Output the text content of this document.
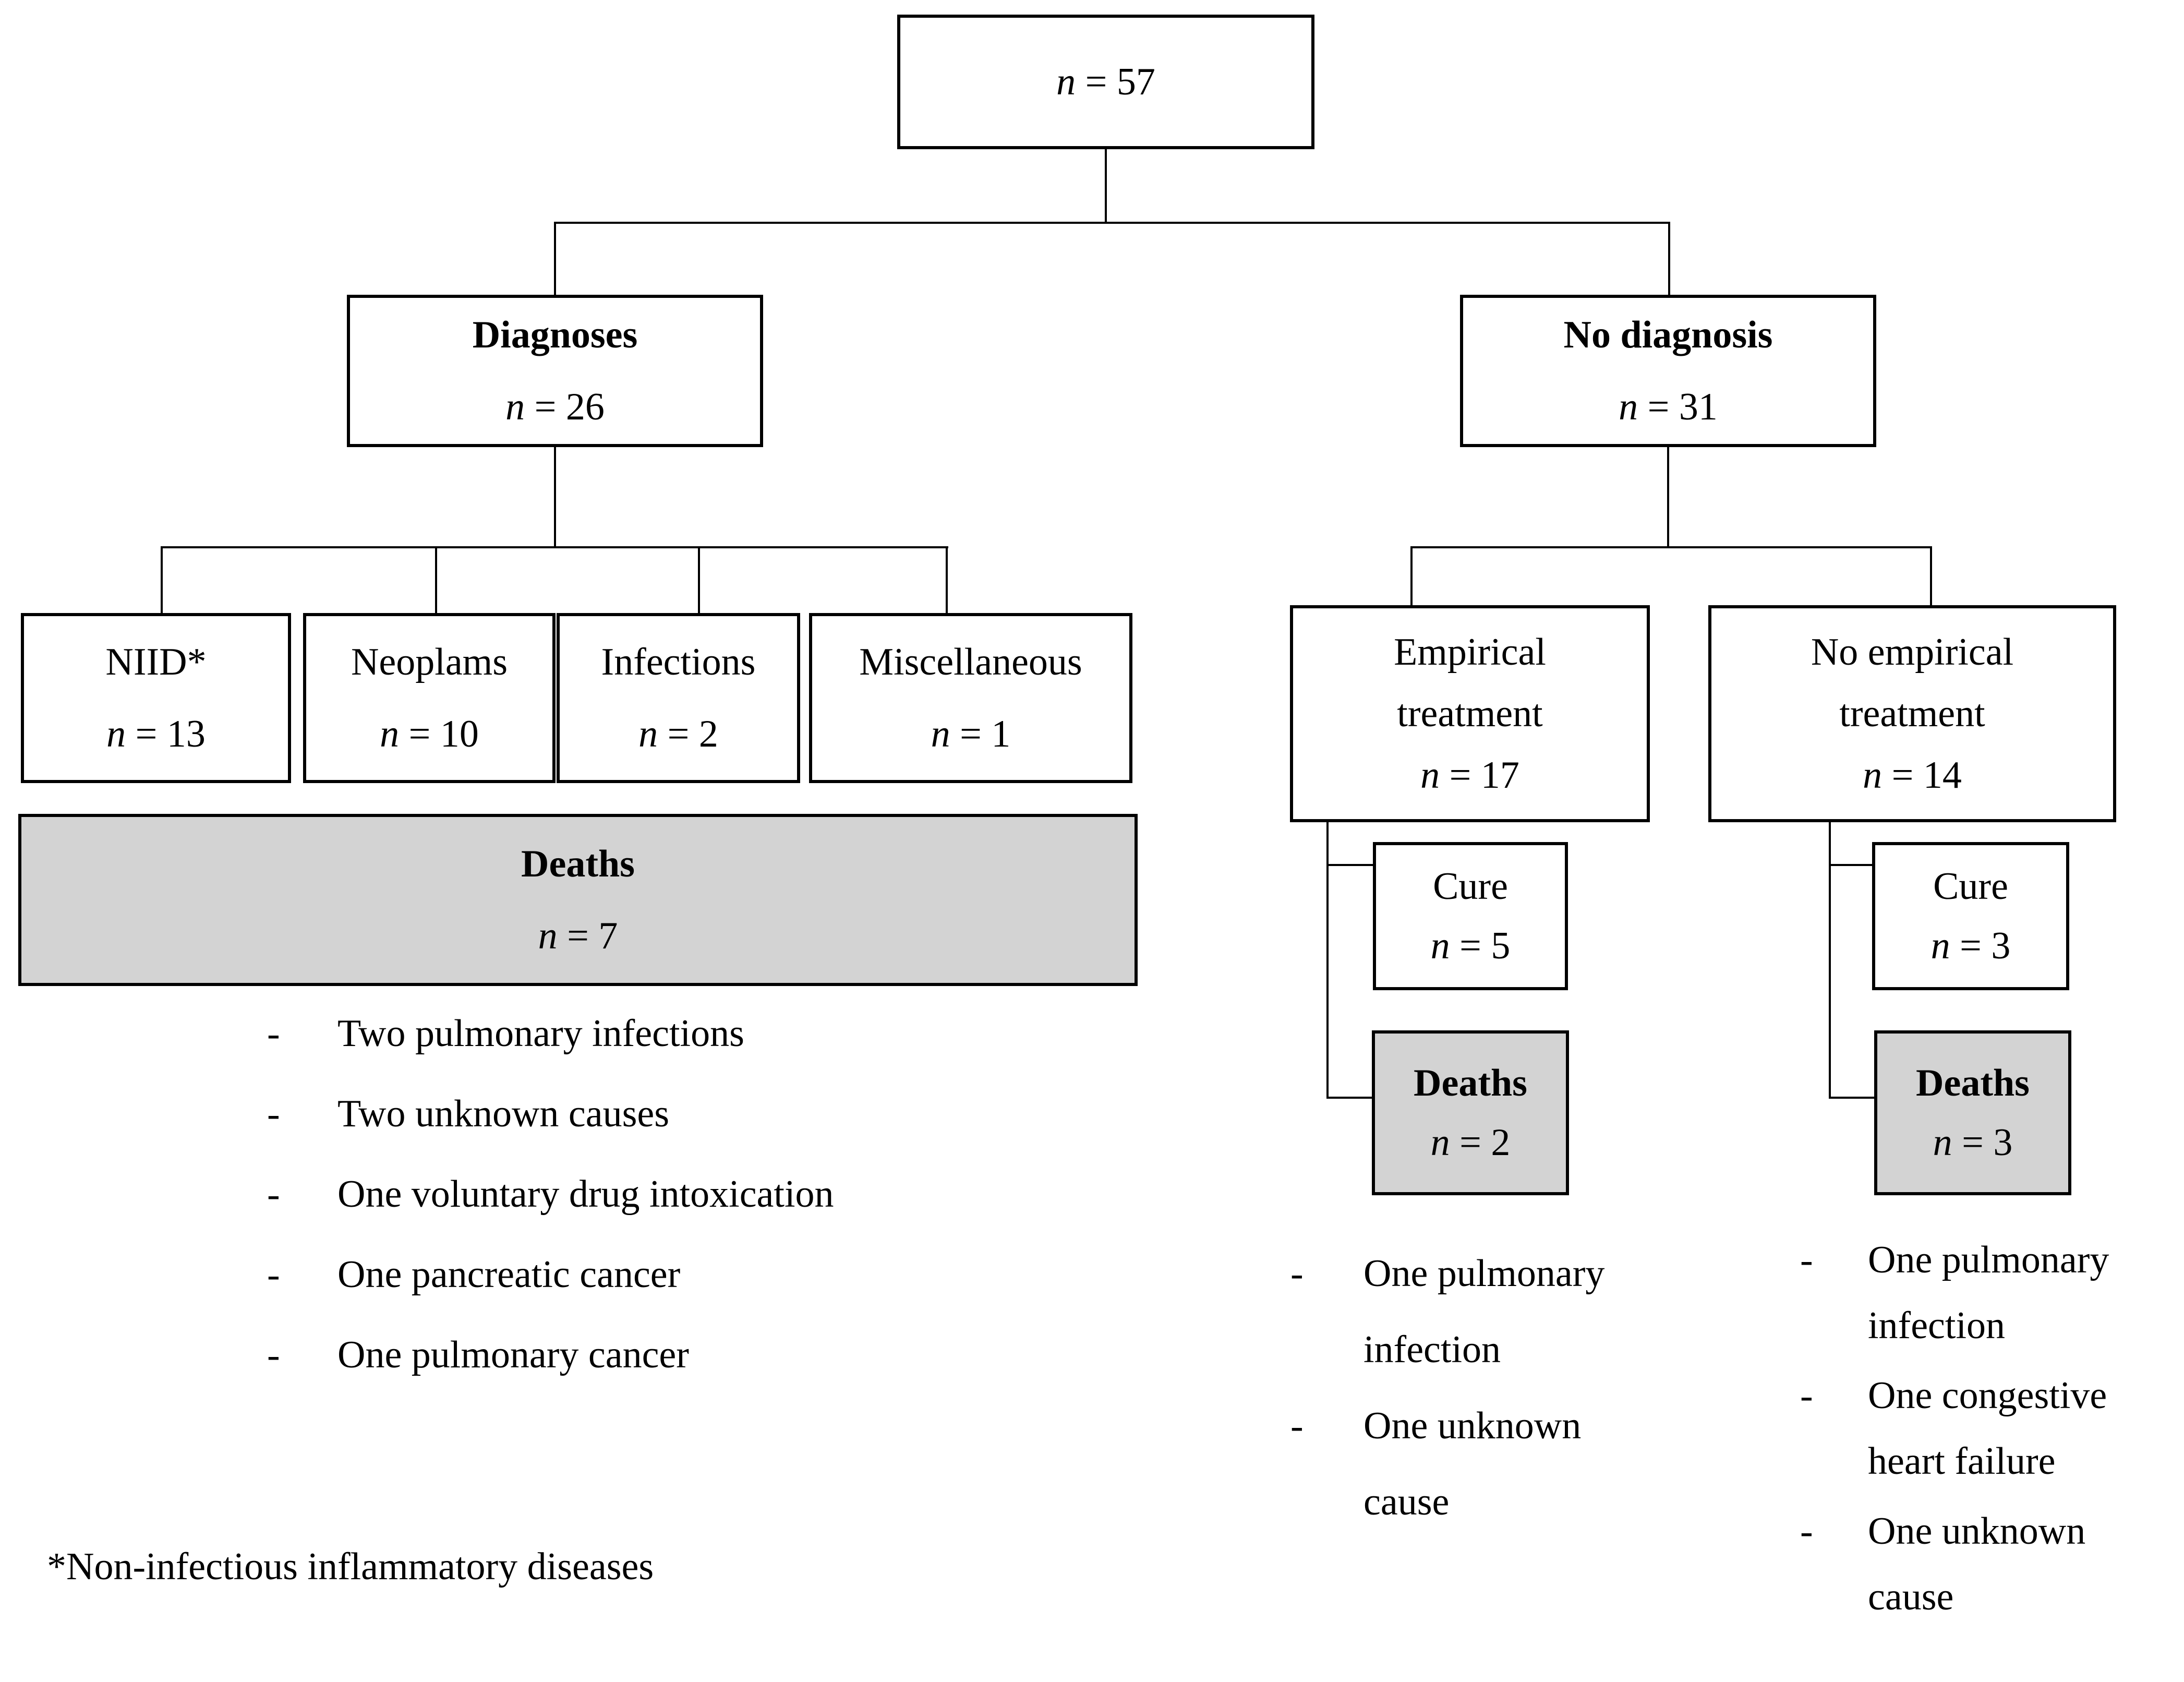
n = 57
Diagnoses
n = 26
No diagnosis
n = 31
NIID*
n = 13
Neoplams
n = 10
Infections
n = 2
Miscellaneous
n = 1
Deaths
n = 7
Empirical
treatment
n = 17
No empirical
treatment
n = 14
Cure
n = 5
Deaths
n = 2
Cure
n = 3
Deaths
n = 3
-	Two pulmonary infections
-	Two unknown causes
-	One voluntary drug intoxication
-	One pancreatic cancer
-	One pulmonary cancer
-	One pulmonary infection
-	One unknown cause
-	One pulmonary infection
-	One congestive heart failure
-	One unknown cause
*Non-infectious inflammatory diseases
